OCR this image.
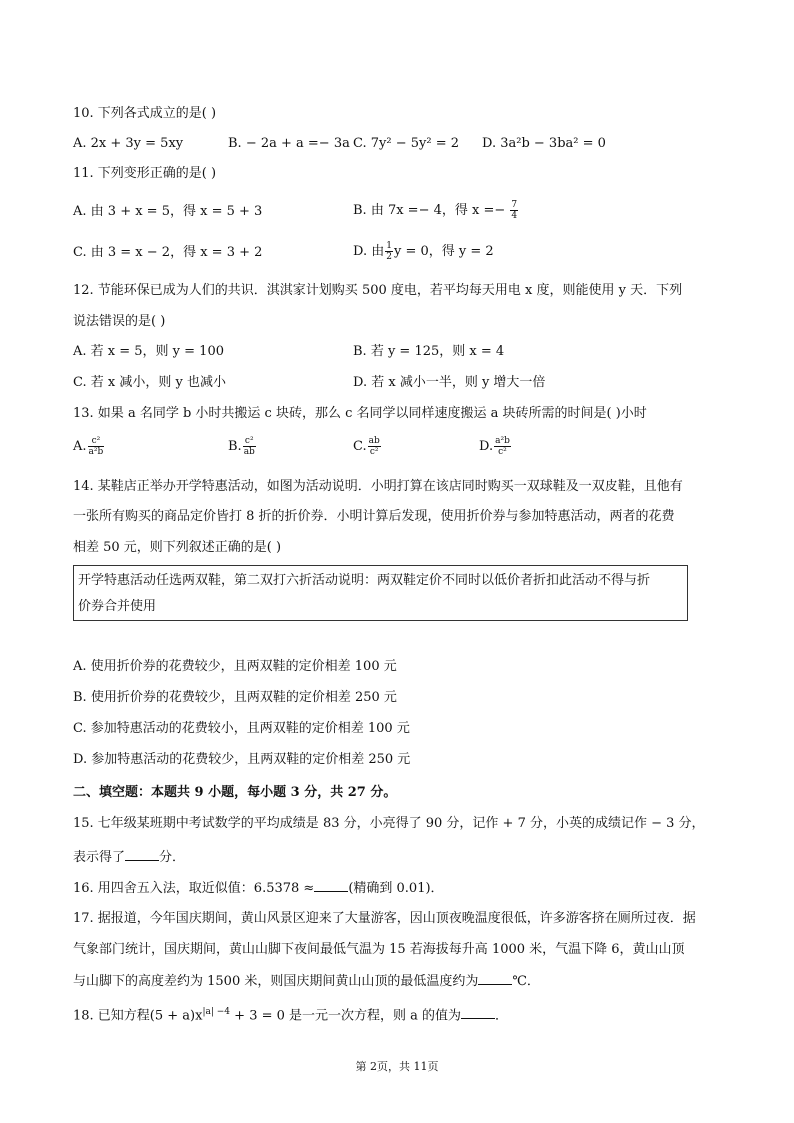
10. 下列各式成立的是( )
A. 2x + 3y = 5xy	B. − 2a + a =− 3a C. 7y² − 5y² = 2 D. 3a²b − 3ba² = 0
11. 下列变形正确的是( )
A. 由 3 + x = 5，得 x = 5 + 3	B. 由 7x =− 4，得 $x =- \frac{7}{4}$
C. 由 3 = x − 2，得 x = 3 + 2	D. 由 $\frac{1}{2}$ y = 0，得 y = 2
12. 节能环保已成为人们的共识．淇淇家计划购买 500 度电，若平均每天用电 x 度，则能使用 y 天．下列
说法错误的是( )
A. 若 x = 5，则 y = 100	B. 若 y = 125，则 x = 4
C. 若 x 减小，则 y 也减小	D. 若 x 减小一半，则 y 增大一倍
13. 如果 a 名同学 b 小时共搬运 c 块砖，那么 c 名同学以同样速度搬运 a 块砖所需的时间是( )小时
A. $\frac{\text{c²}}{\text{a²b}}$	B. $\frac{\text{c²}}{ab}$	C. $\frac{ab}{\text{c²}}$	D. $\frac{\text{a²b}}{\text{c²}}$
14. 某鞋店正举办开学特惠活动，如图为活动说明．小明打算在该店同时购买一双球鞋及一双皮鞋，且他有
一张所有购买的商品定价皆打 8 折的折价券．小明计算后发现，使用折价券与参加特惠活动，两者的花费
相差 50 元，则下列叙述正确的是( )
开学特惠活动任选两双鞋，第二双打六折活动说明：两双鞋定价不同时以低价者折扣此活动不得与折
价券合并使用
A. 使用折价券的花费较少，且两双鞋的定价相差 100 元
B. 使用折价券的花费较少，且两双鞋的定价相差 250 元
C. 参加特惠活动的花费较小，且两双鞋的定价相差 100 元
D. 参加特惠活动的花费较少，且两双鞋的定价相差 250 元
二、填空题：本题共 9 小题，每小题 3 分，共 27 分。
15. 七年级某班期中考试数学的平均成绩是 83 分，小亮得了 90 分，记作 + 7 分，小英的成绩记作 − 3 分，
表示得了	分．
16. 用四舍五入法，取近似值：6.5378 ≈	(精确到 0.01)．
17. 据报道，今年国庆期间，黄山风景区迎来了大量游客，因山顶夜晚温度很低，许多游客挤在厕所过夜．据
气象部门统计，国庆期间，黄山山脚下夜间最低气温为 15 若海拔每升高 1000 米，气温下降 6，黄山山顶
与山脚下的高度差约为 1500 米，则国庆期间黄山山顶的最低温度约为	℃．
18. 已知方程$(5 + a)x^{|a| -4} + 3 = 0$ 是一元一次方程，则 a 的值为	．
第 2页，共 11页
